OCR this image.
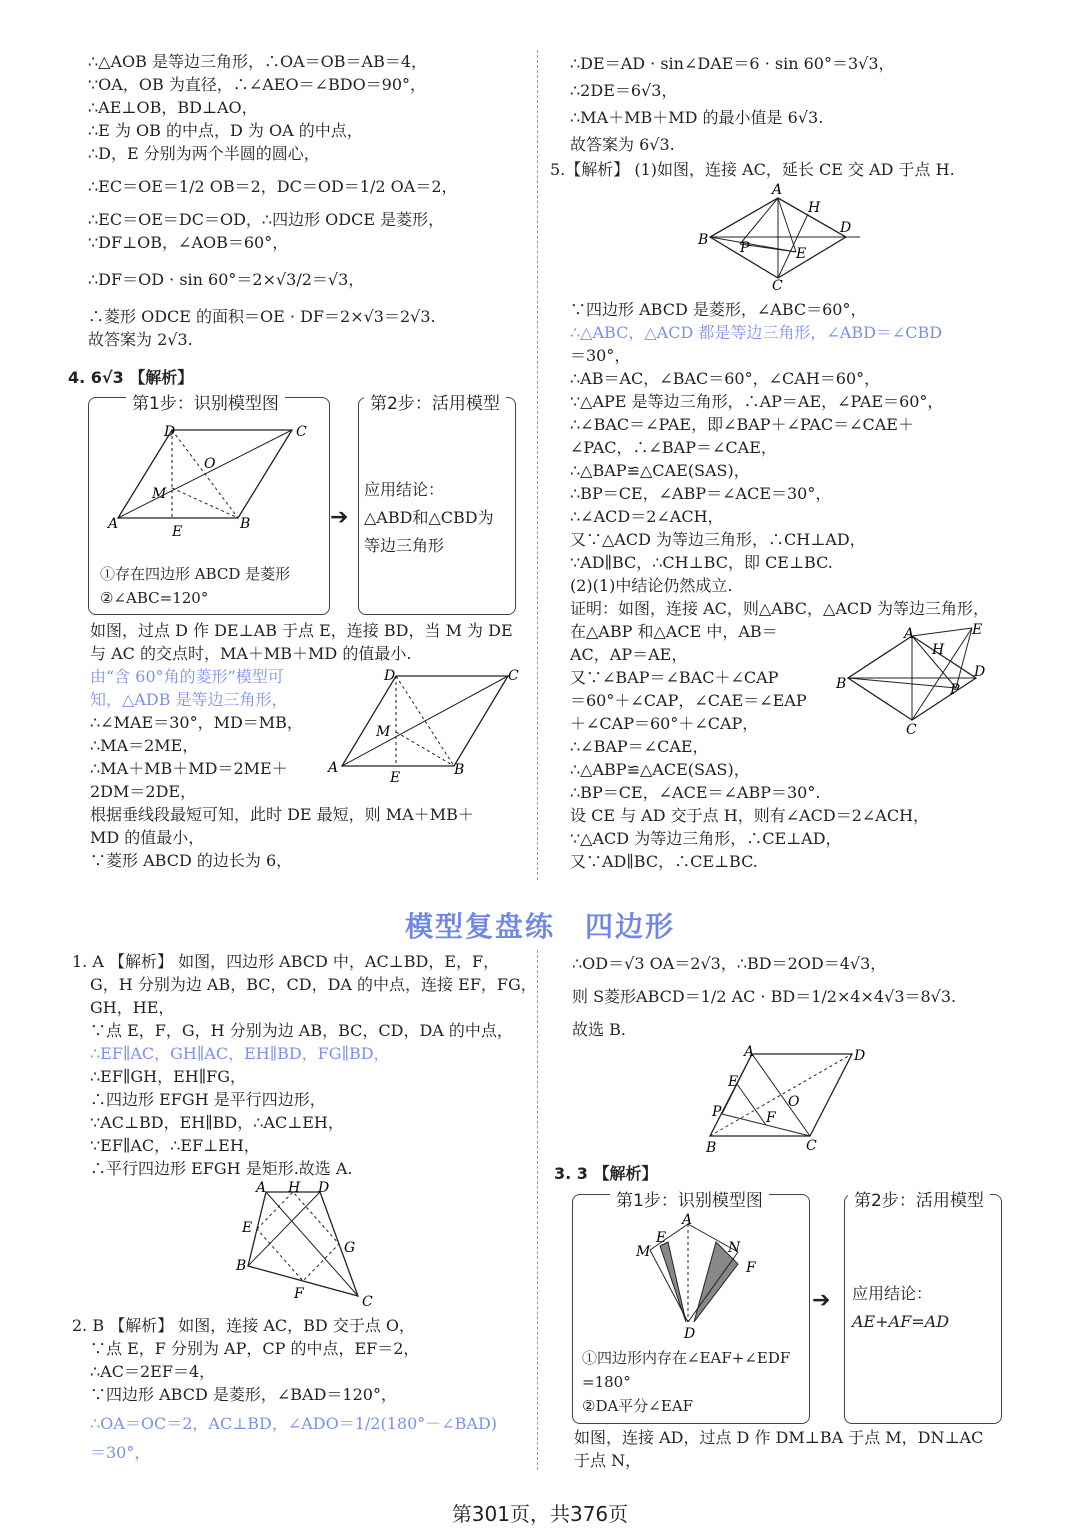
∴△AOB 是等边三角形，∴OA＝OB＝AB＝4，
∵OA，OB 为直径，∴∠AEO＝∠BDO＝90°，
∴AE⊥OB，BD⊥AO，
∴E 为 OB 的中点，D 为 OA 的中点，
∴D，E 分别为两个半圆的圆心，
∴EC＝OE＝1/2 OB＝2，DC＝OD＝1/2 OA＝2，
∴EC＝OE＝DC＝OD，∴四边形 ODCE 是菱形，
∵DF⊥OB，∠AOB＝60°，
∴DF＝OD · sin 60°＝2×√3/2＝√3，
∴菱形 ODCE 的面积＝OE · DF＝2×√3＝2√3.
故答案为 2√3.
4. 6√3 【解析】
第1步：识别模型图
D	C
O
M
A	E	B
①存在四边形 ABCD 是菱形
②∠ABC=120°
➔
第2步：活用模型
应用结论：
△ABD和△CBD为
等边三角形
如图，过点 D 作 DE⊥AB 于点 E，连接 BD，当 M 为 DE
与 AC 的交点时，MA＋MB＋MD 的值最小.
由“含 60°角的菱形”模型可
知，△ADB 是等边三角形，
∴∠MAE＝30°，MD＝MB，
∴MA＝2ME，
∴MA＋MB＋MD＝2ME＋
2DM＝2DE，
根据垂线段最短可知，此时 DE 最短，则 MA＋MB＋
MD 的值最小，
∵菱形 ABCD 的边长为 6，
D	C
M
A
E	B
∴DE＝AD · sin∠DAE＝6 · sin 60°＝3√3，
∴2DE＝6√3，
∴MA＋MB＋MD 的最小值是 6√3.
故答案为 6√3.
5.【解析】 (1)如图，连接 AC，延长 CE 交 AD 于点 H.
A
H
D
B P	E
C
∵四边形 ABCD 是菱形，∠ABC＝60°，
∴△ABC，△ACD 都是等边三角形，∠ABD＝∠CBD
＝30°，
∴AB＝AC，∠BAC＝60°，∠CAH＝60°，
∵△APE 是等边三角形，∴AP＝AE，∠PAE＝60°，
∴∠BAC＝∠PAE，即∠BAP＋∠PAC＝∠CAE＋
∠PAC，∴∠BAP＝∠CAE，
∴△BAP≌△CAE(SAS)，
∴BP＝CE，∠ABP＝∠ACE＝30°，
∴∠ACD＝2∠ACH，
又∵△ACD 为等边三角形，∴CH⊥AD，
∵AD∥BC，∴CH⊥BC，即 CE⊥BC.
(2)(1)中结论仍然成立.
证明：如图，连接 AC，则△ABC，△ACD 为等边三角形，
在△ABP 和△ACE 中，AB＝
AC，AP＝AE，
又∵∠BAP＝∠BAC＋∠CAP
＝60°＋∠CAP，∠CAE＝∠EAP
＋∠CAP＝60°＋∠CAP，
∴∠BAP＝∠CAE，
∴△ABP≌△ACE(SAS)，
∴BP＝CE，∠ACE＝∠ABP＝30°.
设 CE 与 AD 交于点 H，则有∠ACD＝2∠ACH，
∵△ACD 为等边三角形，∴CE⊥AD，
又∵AD∥BC，∴CE⊥BC.
A	E
H
D
B	P
C
模型复盘练　四边形
1. A 【解析】 如图，四边形 ABCD 中，AC⊥BD，E，F，
G，H 分别为边 AB，BC，CD，DA 的中点，连接 EF，FG，
GH，HE，
∵点 E，F，G，H 分别为边 AB，BC，CD，DA 的中点，
∴EF∥AC，GH∥AC，EH∥BD，FG∥BD，
∴EF∥GH，EH∥FG，
∴四边形 EFGH 是平行四边形，
∵AC⊥BD，EH∥BD，∴AC⊥EH，
∵EF∥AC，∴EF⊥EH，
∴平行四边形 EFGH 是矩形.故选 A.
A H D
E
G
B
F	C
2. B 【解析】 如图，连接 AC，BD 交于点 O，
∵点 E，F 分别为 AP，CP 的中点，EF＝2，
∴AC＝2EF＝4，
∵四边形 ABCD 是菱形，∠BAD＝120°，
∴OA＝OC＝2，AC⊥BD，∠ADO＝1/2(180°－∠BAD)
＝30°，
∴OD＝√3 OA＝2√3，∴BD＝2OD＝4√3，
则 S菱形ABCD＝1/2 AC · BD＝1/2×4×4√3＝8√3.
故选 B.
A	D
E
O
P	F
B	C
3. 3 【解析】
第1步：识别模型图
A
E
M	N
F
D
①四边形内存在∠EAF+∠EDF
=180°
②DA平分∠EAF
➔
第2步：活用模型
应用结论：
AE+AF=AD
如图，连接 AD，过点 D 作 DM⊥BA 于点 M，DN⊥AC
于点 N，
第301页，共376页
